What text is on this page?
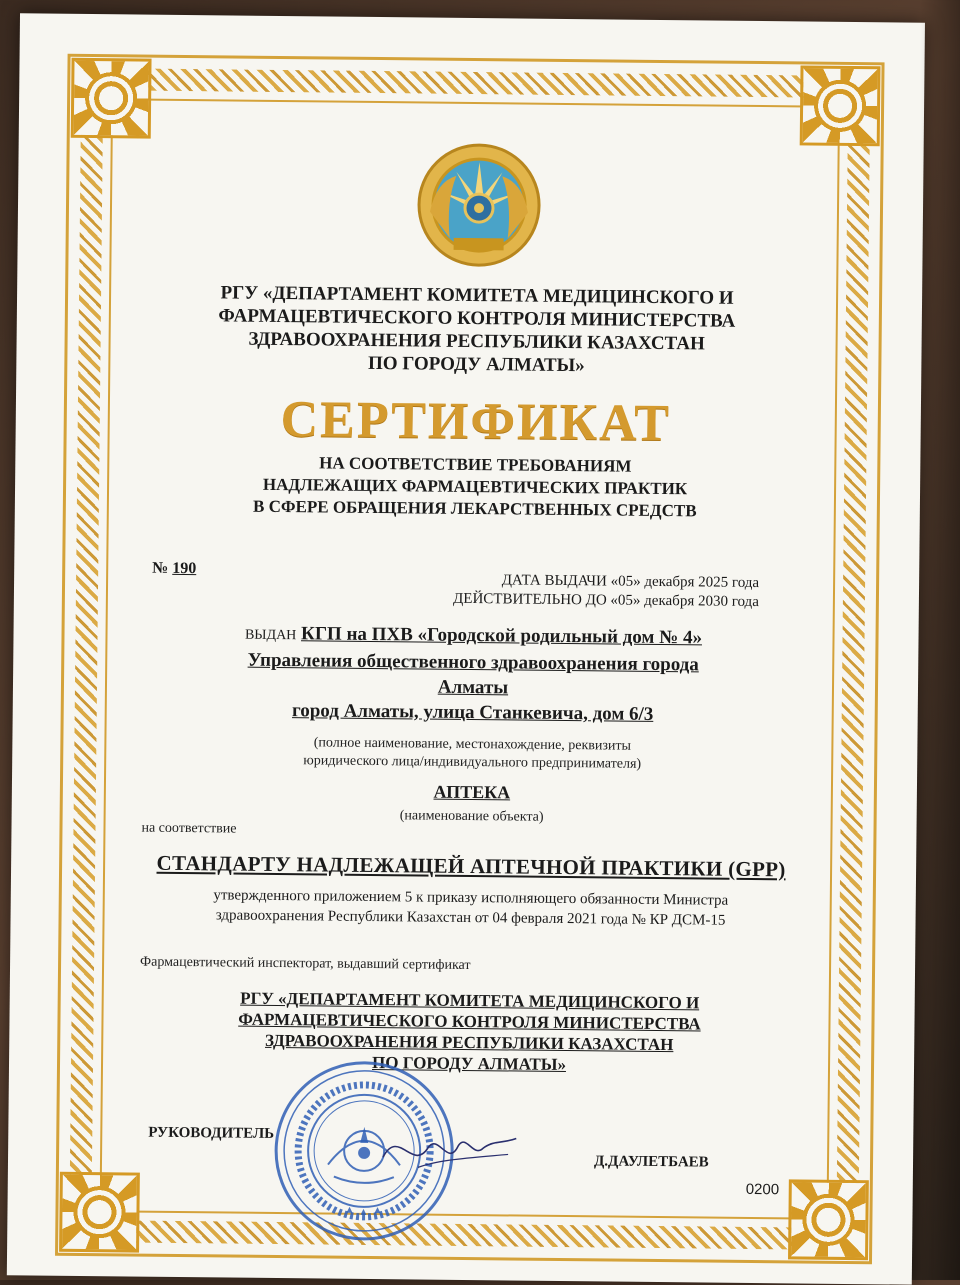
РГУ «ДЕПАРТАМЕНТ КОМИТЕТА МЕДИЦИНСКОГО И
ФАРМАЦЕВТИЧЕСКОГО КОНТРОЛЯ МИНИСТЕРСТВА
ЗДРАВООХРАНЕНИЯ РЕСПУБЛИКИ КАЗАХСТАН
ПО ГОРОДУ АЛМАТЫ»
СЕРТИФИКАТ
НА СООТВЕТСТВИЕ ТРЕБОВАНИЯМ
НАДЛЕЖАЩИХ ФАРМАЦЕВТИЧЕСКИХ ПРАКТИК
В СФЕРЕ ОБРАЩЕНИЯ ЛЕКАРСТВЕННЫХ СРЕДСТВ
№ 190
ДАТА ВЫДАЧИ «05» декабря 2025 года
ДЕЙСТВИТЕЛЬНО ДО «05» декабря 2030 года
ВЫДАН КГП на ПХВ «Городской родильный дом № 4»
Управления общественного здравоохранения города
Алматы
город Алматы, улица Станкевича, дом 6/3
(полное наименование, местонахождение, реквизиты
юридического лица/индивидуального предпринимателя)
АПТЕКА
(наименование объекта)
на соответствие
СТАНДАРТУ НАДЛЕЖАЩЕЙ АПТЕЧНОЙ ПРАКТИКИ (GPP)
утвержденного приложением 5 к приказу исполняющего обязанности Министра
здравоохранения Республики Казахстан от 04 февраля 2021 года № КР ДСМ-15
Фармацевтический инспекторат, выдавший сертификат
РГУ «ДЕПАРТАМЕНТ КОМИТЕТА МЕДИЦИНСКОГО И
ФАРМАЦЕВТИЧЕСКОГО КОНТРОЛЯ МИНИСТЕРСТВА
ЗДРАВООХРАНЕНИЯ РЕСПУБЛИКИ КАЗАХСТАН
ПО ГОРОДУ АЛМАТЫ»
РУКОВОДИТЕЛЬ
Д.ДАУЛЕТБАЕВ
0200
